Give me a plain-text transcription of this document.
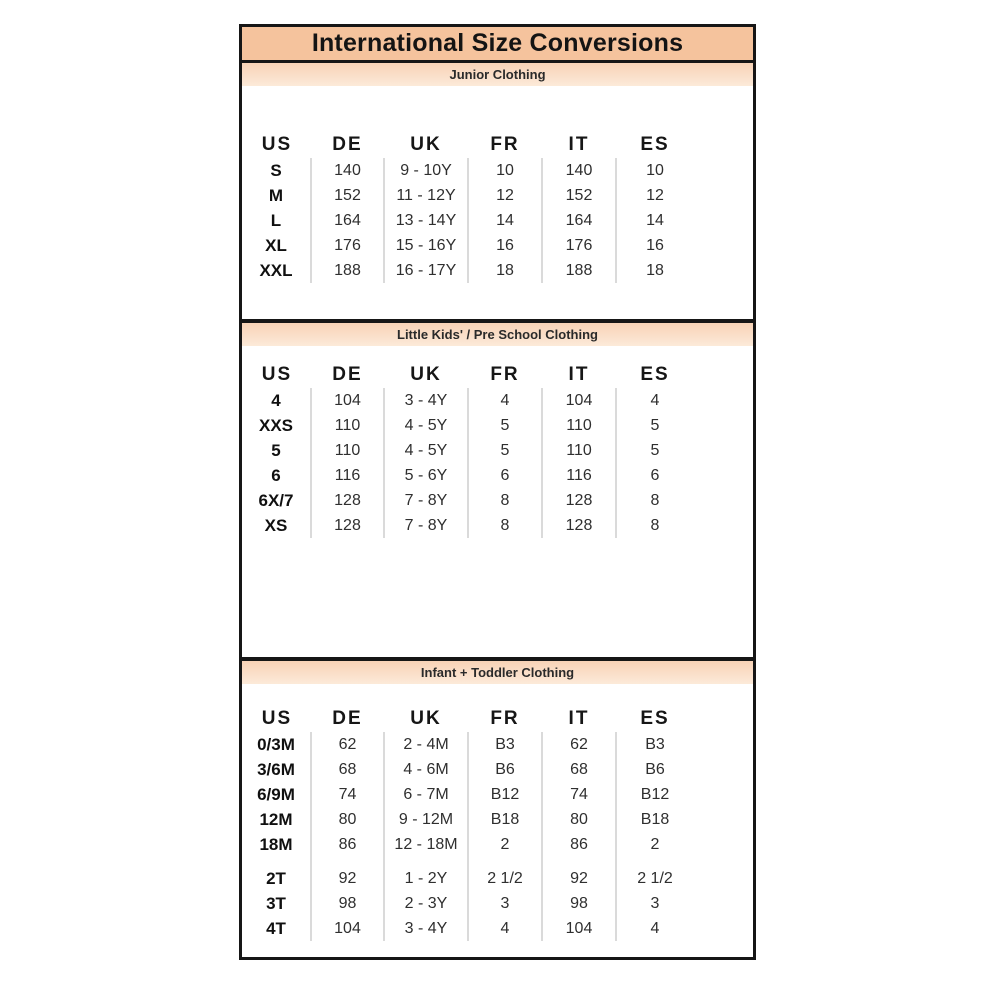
International Size Conversions
Junior Clothing
US
S
M
L
XL
XXL
DE
140
152
164
176
188
UK
9 - 10Y
11 - 12Y
13 - 14Y
15 - 16Y
16 - 17Y
FR
10
12
14
16
18
IT
140
152
164
176
188
ES
10
12
14
16
18
Little Kids' / Pre School Clothing
US
4
XXS
5
6
6X/7
XS
DE
104
110
110
116
128
128
UK
3 - 4Y
4 - 5Y
4 - 5Y
5 - 6Y
7 - 8Y
7 - 8Y
FR
4
5
5
6
8
8
IT
104
110
110
116
128
128
ES
4
5
5
6
8
8
Infant + Toddler Clothing
US
0/3M
3/6M
6/9M
12M
18M
2T
3T
4T
DE
62
68
74
80
86
92
98
104
UK
2 - 4M
4 - 6M
6 - 7M
9 - 12M
12 - 18M
1 - 2Y
2 - 3Y
3 - 4Y
FR
B3
B6
B12
B18
2
2 1/2
3
4
IT
62
68
74
80
86
92
98
104
ES
B3
B6
B12
B18
2
2 1/2
3
4
